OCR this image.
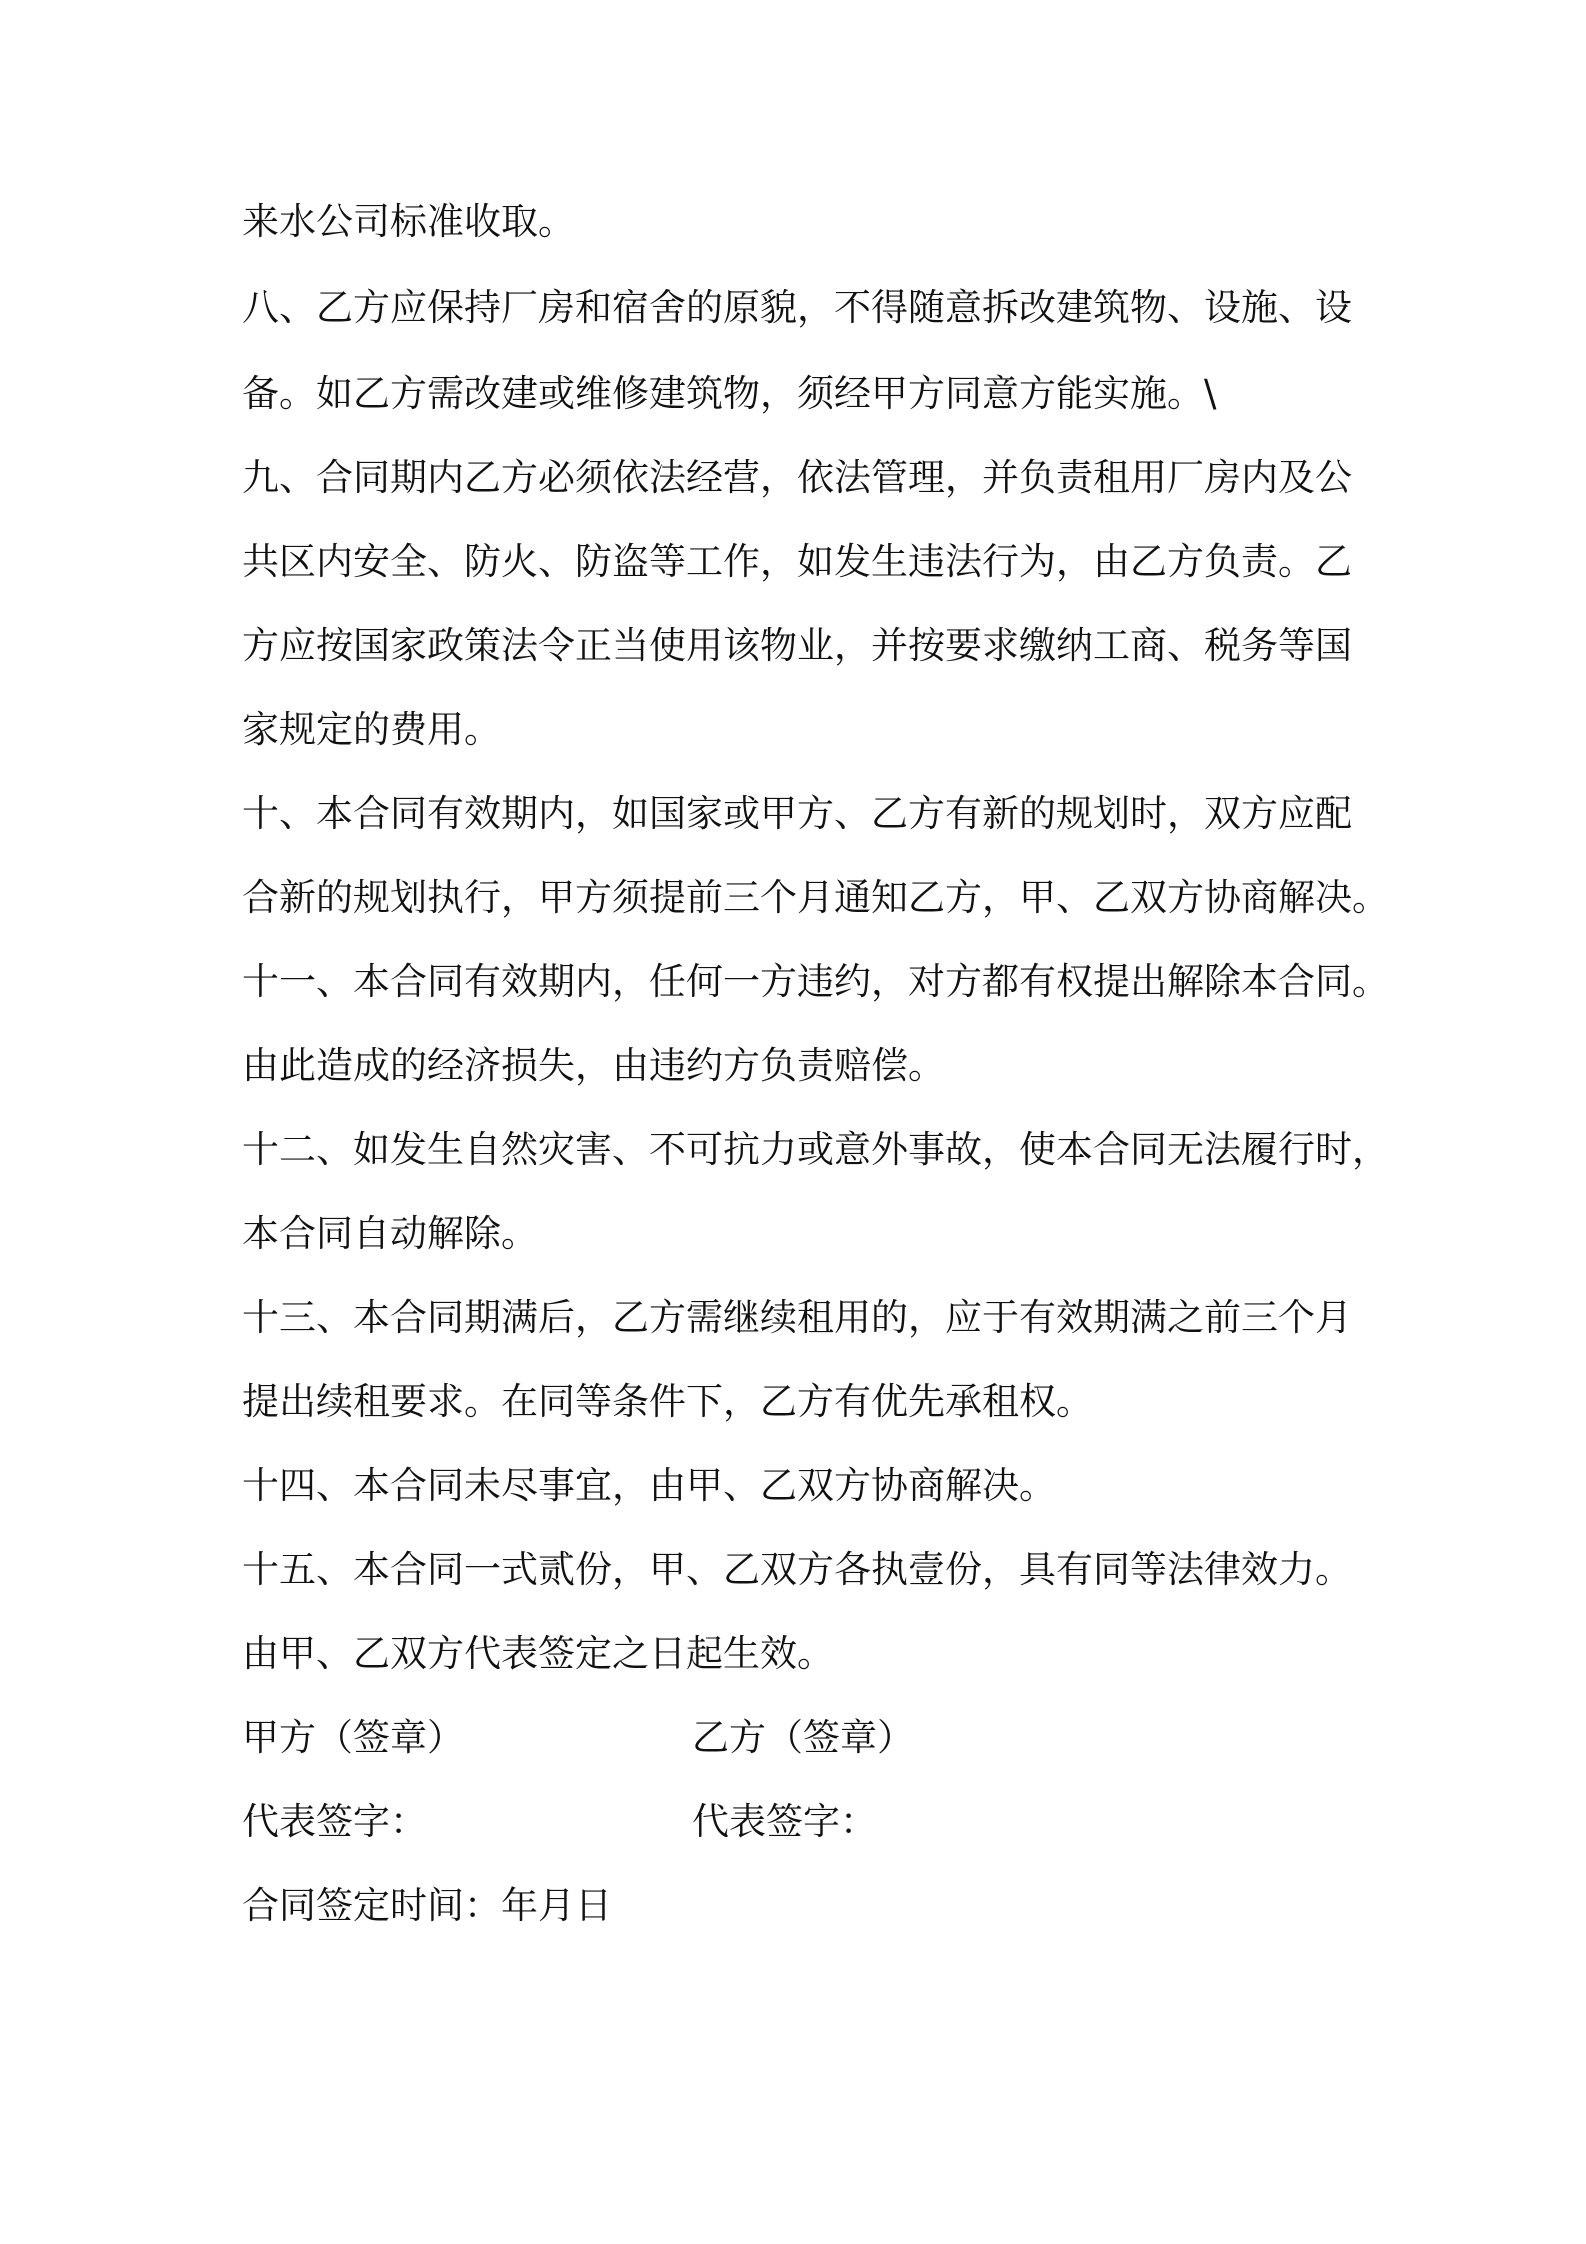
来水公司标准收取。
八、乙方应保持厂房和宿舍的原貌，不得随意拆改建筑物、设施、设
备。如乙方需改建或维修建筑物，须经甲方同意方能实施。\
九、合同期内乙方必须依法经营，依法管理，并负责租用厂房内及公
共区内安全、防火、防盗等工作，如发生违法行为，由乙方负责。乙
方应按国家政策法令正当使用该物业，并按要求缴纳工商、税务等国
家规定的费用。
十、本合同有效期内，如国家或甲方、乙方有新的规划时，双方应配
合新的规划执行，甲方须提前三个月通知乙方，甲、乙双方协商解决。
十一、本合同有效期内，任何一方违约，对方都有权提出解除本合同。
由此造成的经济损失，由违约方负责赔偿。
十二、如发生自然灾害、不可抗力或意外事故，使本合同无法履行时，
本合同自动解除。
十三、本合同期满后，乙方需继续租用的，应于有效期满之前三个月
提出续租要求。在同等条件下，乙方有优先承租权。
十四、本合同未尽事宜，由甲、乙双方协商解决。
十五、本合同一式贰份，甲、乙双方各执壹份，具有同等法律效力。
由甲、乙双方代表签定之日起生效。
甲方（签章）	乙方（签章）
代表签字：	代表签字：
合同签定时间：年月日
